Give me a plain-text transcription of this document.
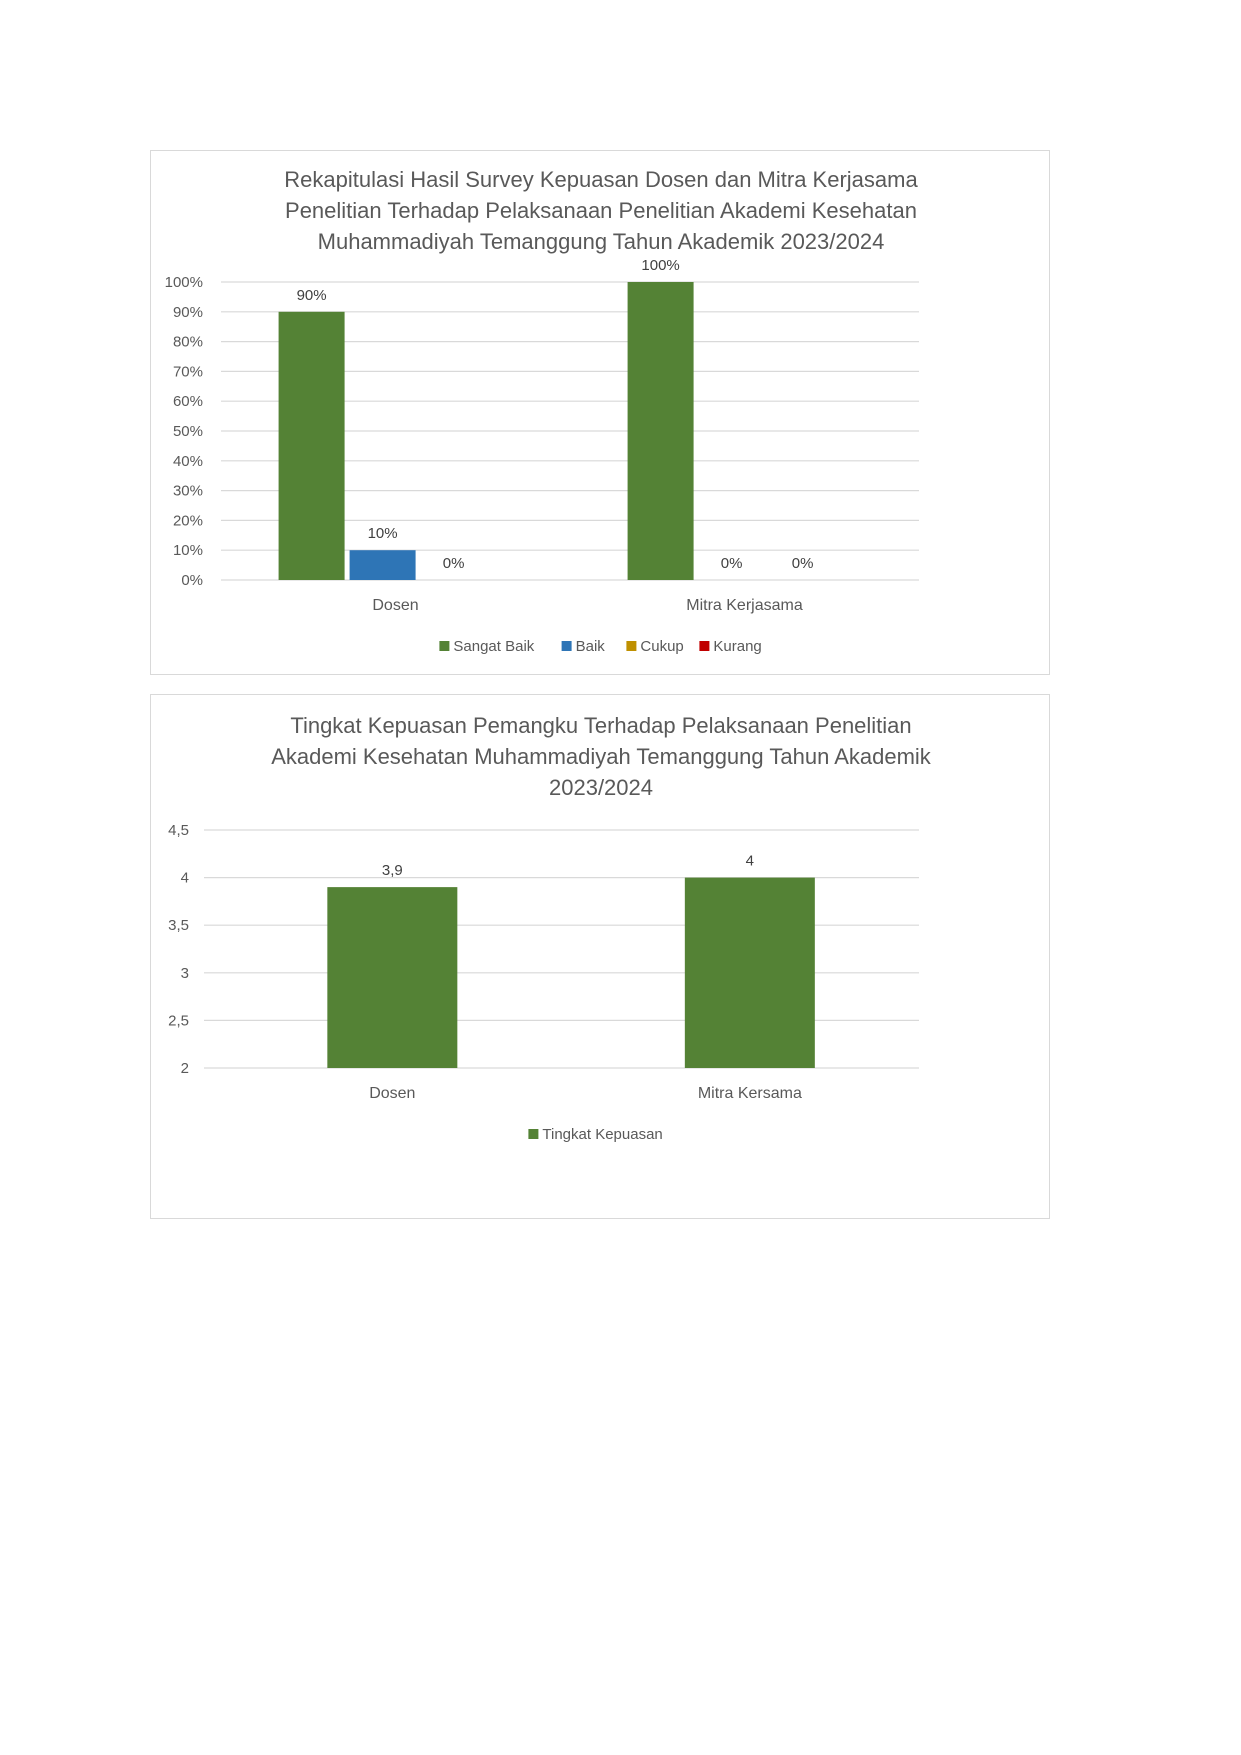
Rekapitulasi Hasil Survey Kepuasan Dosen dan Mitra Kerjasama
Penelitian Terhadap Pelaksanaan Penelitian Akademi Kesehatan
Muhammadiyah Temanggung Tahun Akademik 2023/2024
0%
10%
20%
30%
40%
50%
60%
70%
80%
90%
100%
90%
10%
0%
Dosen
100%
0%	0%
Mitra Kerjasama
Sangat Baik	Baik Cukup Kurang
Tingkat Kepuasan Pemangku Terhadap Pelaksanaan Penelitian
Akademi Kesehatan Muhammadiyah Temanggung Tahun Akademik
2023/2024
2
2,5
3
3,5
4
4,5
3,9
Dosen
4
Mitra Kersama
Tingkat Kepuasan
